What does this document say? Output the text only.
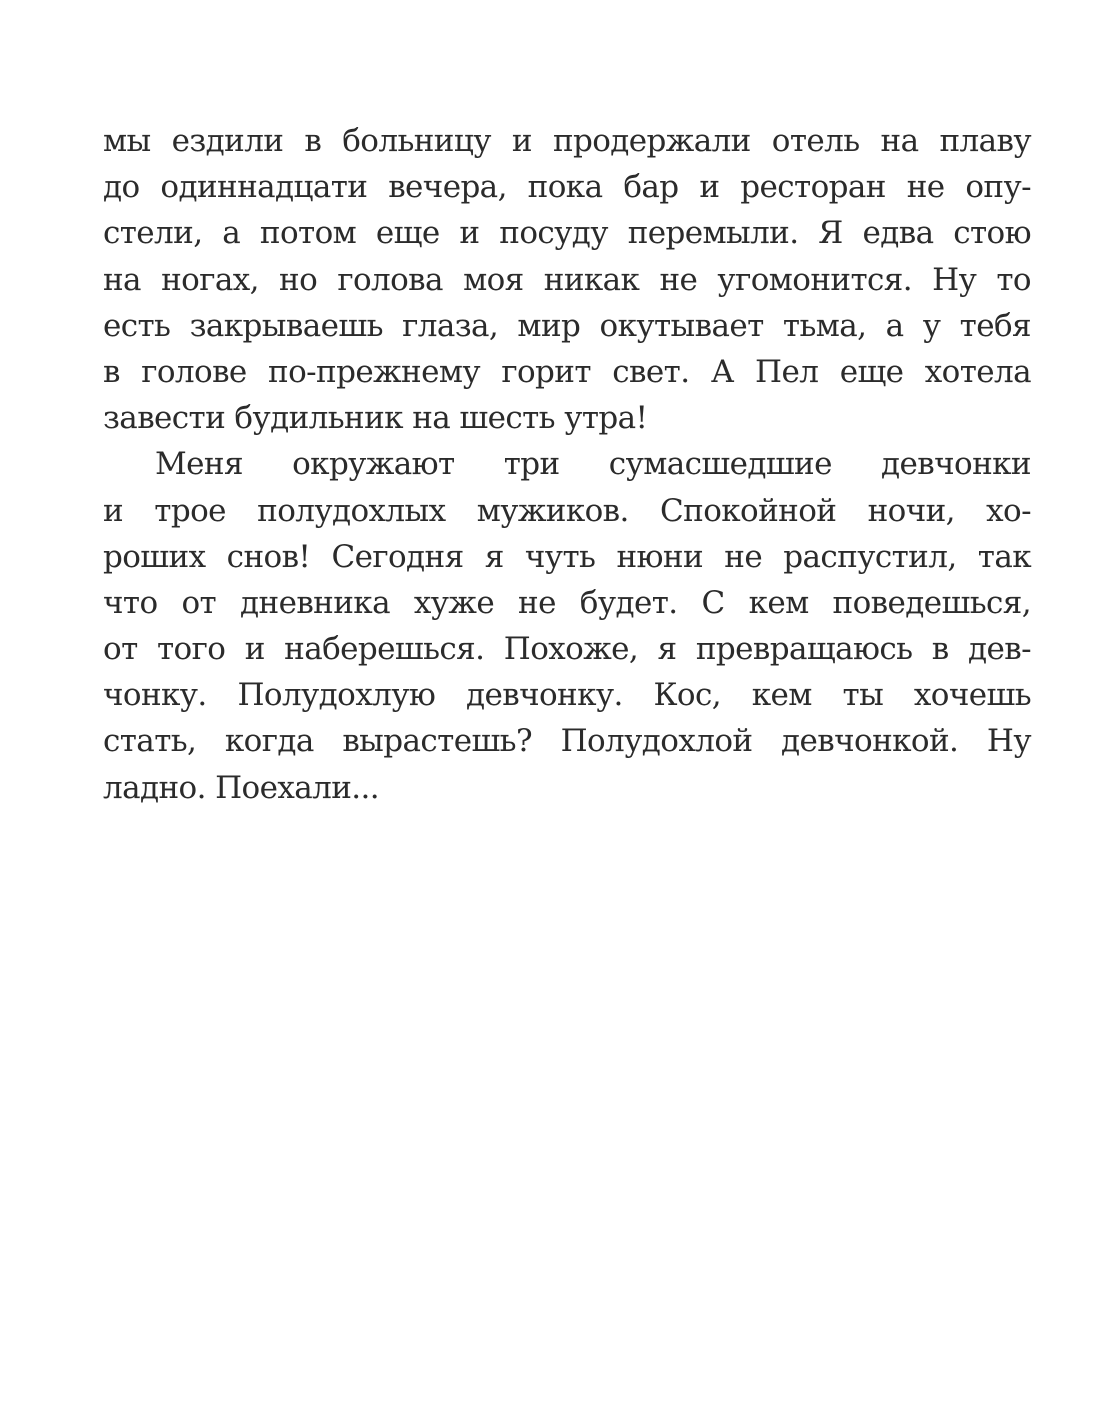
мы ездили в больницу и продержали отель на плаву
до одиннадцати вечера, пока бар и ресторан не опу-
стели, а потом еще и посуду перемыли. Я едва стою
на ногах, но голова моя никак не угомонится. Ну то
есть закрываешь глаза, мир окутывает тьма, а у тебя
в голове по-прежнему горит свет. А Пел еще хотела
завести будильник на шесть утра!
Меня окружают три сумасшедшие девчонки
и трое полудохлых мужиков. Спокойной ночи, хо-
роших снов! Сегодня я чуть нюни не распустил, так
что от дневника хуже не будет. С кем поведешься,
от того и наберешься. Похоже, я превращаюсь в дев-
чонку. Полудохлую девчонку. Кос, кем ты хочешь
стать, когда вырастешь? Полудохлой девчонкой. Ну
ладно. Поехали...
